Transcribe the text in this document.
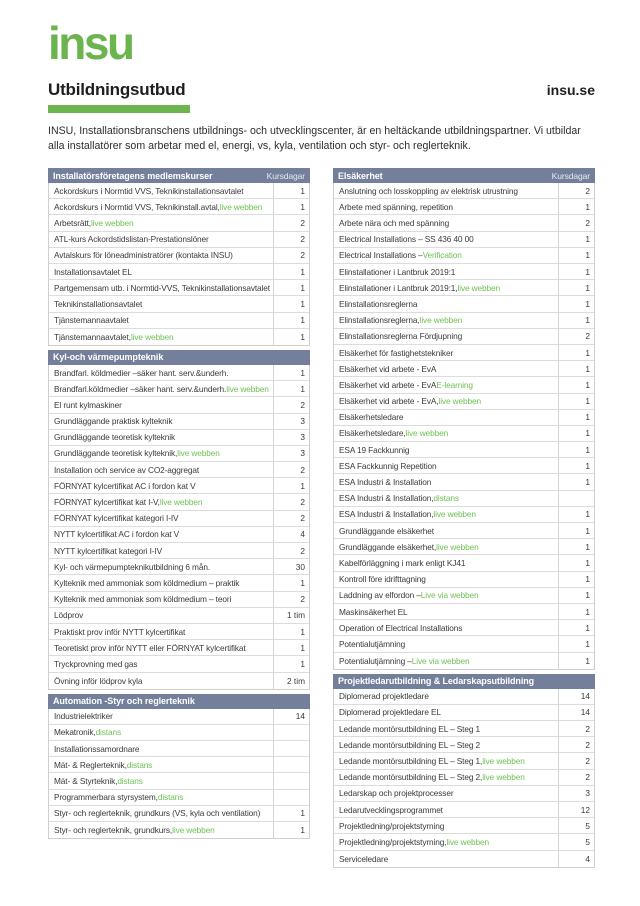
insu
Utbildningsutbud	insu.se

INSU, Installationsbranschens utbildnings- och utvecklingscenter, är en heltäckande utbildningspartner. Vi utbildar alla installatörer som arbetar med el, energi, vs, kyla, ventilation och styr- och reglerteknik.

Installatörsföretagens medlemskurser	Kursdagar
Ackordskurs i Normtid VVS, Teknikinstallationsavtalet	1
Ackordskurs i Normtid VVS, Teknikinstall.avtal, live webben	1
Arbetsrätt, live webben	2
ATL-kurs Ackordstidslistan-Prestationslöner	2
Avtalskurs för löneadministratörer (kontakta INSU)	2
Installationsavtalet EL	1
Partgemensam utb. i Normtid-VVS, Teknikinstallationsavtalet	1
Teknikinstallationsavtalet	1
Tjänstemannaavtalet	1
Tjänstemannaavtalet, live webben	1
Kyl-och värmepumpteknik
Brandfarl. köldmedier –säker hant. serv.&underh.	1
Brandfarl.köldmedier –säker hant. serv.&underh. live webben	1
El runt kylmaskiner	2
Grundläggande praktisk kylteknik	3
Grundläggande teoretisk kylteknik	3
Grundläggande teoretisk kylteknik, live webben	3
Installation och service av CO2-aggregat	2
FÖRNYAT kylcertifikat AC i fordon kat V	1
FÖRNYAT kylcertifikat kat I-V, live webben	2
FÖRNYAT kylcertifikat kategori I-IV	2
NYTT kylcertifikat AC i fordon kat V	4
NYTT kylcertifikat kategori I-IV	2
Kyl- och värmepumpteknikutbildning 6 mån.	30
Kylteknik med ammoniak som köldmedium – praktik	1
Kylteknik med ammoniak som köldmedium – teori	2
Lödprov	1 tim
Praktiskt prov inför NYTT kylcertifikat	1
Teoretiskt prov inför NYTT eller FÖRNYAT kylcertifikat	1
Tryckprovning med gas	1
Övning inför lödprov kyla	2 tim
Automation -Styr och reglerteknik
Industrielektriker	14
Mekatronik, distans
Installationssamordnare
Mät- & Reglerteknik, distans
Mät- & Styrteknik, distans
Programmerbara styrsystem, distans
Styr- och reglerteknik, grundkurs (VS, kyla och ventilation)	1
Styr- och reglerteknik, grundkurs, live webben	1
Elsäkerhet	Kursdagar
Anslutning och losskoppling av elektrisk utrustning	2
Arbete med spänning, repetition	1
Arbete nära och med spänning	2
Electrical Installations – SS 436 40 00	1
Electrical Installations – Verification	1
Elinstallationer i Lantbruk 2019:1	1
Elinstallationer i Lantbruk 2019:1, live webben	1
Elinstallationsreglerna	1
Elinstallationsreglerna, live webben	1
Elinstallationsreglerna Fördjupning	2
Elsäkerhet för fastighetstekniker	1
Elsäkerhet vid arbete - EvA	1
Elsäkerhet vid arbete - EvA E-learning	1
Elsäkerhet vid arbete - EvA, live webben	1
Elsäkerhetsledare	1
Elsäkerhetsledare, live webben	1
ESA 19 Fackkunnig	1
ESA Fackkunnig Repetition	1
ESA Industri & Installation	1
ESA Industri & Installation, distans
ESA Industri & Installation, live webben	1
Grundläggande elsäkerhet	1
Grundläggande elsäkerhet, live webben	1
Kabelförläggning i mark enligt KJ41	1
Kontroll före idrifttagning	1
Laddning av elfordon – Live via webben	1
Maskinsäkerhet EL	1
Operation of Electrical Installations	1
Potentialutjämning	1
Potentialutjämning – Live via webben	1
Projektledarutbildning & Ledarskapsutbildning
Diplomerad projektledare	14
Diplomerad projektledare EL	14
Ledande montörsutbildning EL – Steg 1	2
Ledande montörsutbildning EL – Steg 2	2
Ledande montörsutbildning EL – Steg 1, live webben	2
Ledande montörsutbildning EL – Steg 2, live webben	2
Ledarskap och projektprocesser	3
Ledarutvecklingsprogrammet	12
Projektledning/projektstyrning	5
Projektledning/projektstyrning, live webben	5
Serviceledare	4
